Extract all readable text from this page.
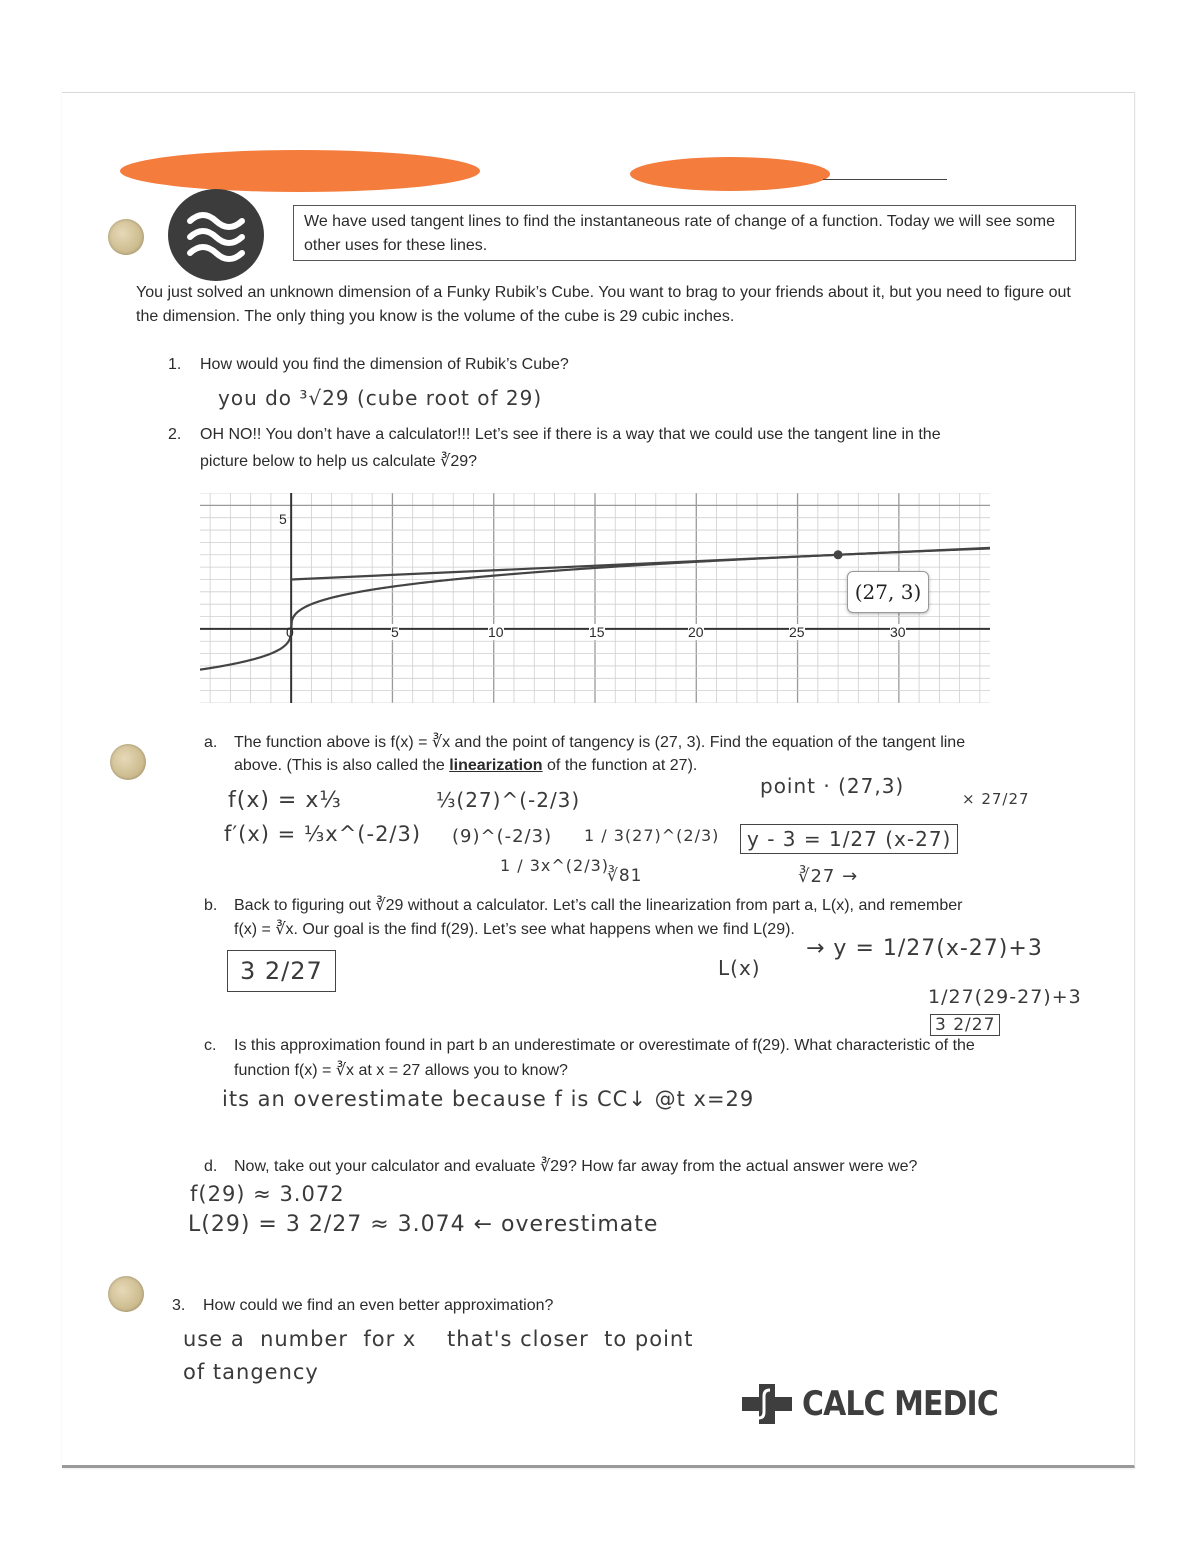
We have used tangent lines to find the instantaneous rate of change of a function. Today we will see some other uses for these lines.
You just solved an unknown dimension of a Funky Rubik’s Cube. You want to brag to your friends about it, but you need to figure out the dimension. The only thing you know is the volume of the cube is 29 cubic inches.
1. How would you find the dimension of Rubik’s Cube?
you do ³√29 (cube root of 29)
2. OH NO!! You don’t have a calculator!!! Let’s see if there is a way that we could use the tangent line in the
picture below to help us calculate ∛29?
5
0	5	10	15	20	25	30
(27, 3)
a. The function above is f(x) = ∛x and the point of tangency is (27, 3). Find the equation of the tangent line
above. (This is also called the linearization of the function at 27).
f(x) = x⅓
f′(x) = ⅓x^(-2/3)
⅓(27)^(-2/3)
(9)^(-2/3)
1 / 3x^(2/3)
1 / 3(27)^(2/3)
∛81
point · (27,3)
y - 3 = 1/27 (x-27)
× 27/27
∛27 →
b. Back to figuring out ∛29 without a calculator. Let’s call the linearization from part a, L(x), and remember
f(x) = ∛x. Our goal is the find f(29). Let’s see what happens when we find L(29).
3 2/27	L(x)
→ y = 1/27(x-27)+3
1/27(29-27)+3
3 2/27
c. Is this approximation found in part b an underestimate or overestimate of f(29). What characteristic of the
function f(x) = ∛x at x = 27 allows you to know?
its an overestimate because f is CC↓ @t x=29
d. Now, take out your calculator and evaluate ∛29? How far away from the actual answer were we?
f(29) ≈ 3.072
L(29) = 3 2/27 ≈ 3.074 ← overestimate
3. How could we find an even better approximation?
use a  number  for x    that's closer  to point
of tangency
CALC MEDIC
